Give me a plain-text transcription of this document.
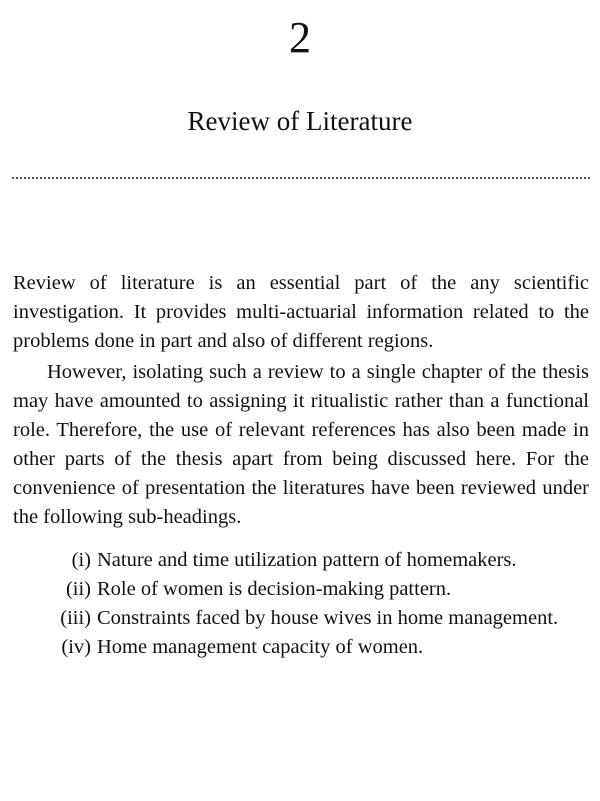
2
Review of Literature

Review of literature is an essential part of the any scientific investigation. It provides multi-actuarial information related to the problems done in part and also of different regions.

However, isolating such a review to a single chapter of the thesis may have amounted to assigning it ritualistic rather than a functional role. Therefore, the use of relevant references has also been made in other parts of the thesis apart from being discussed here. For the convenience of presentation the literatures have been reviewed under the following sub-headings.

(i) Nature and time utilization pattern of homemakers.
(ii) Role of women is decision-making pattern.
(iii) Constraints faced by house wives in home management.
(iv) Home management capacity of women.
